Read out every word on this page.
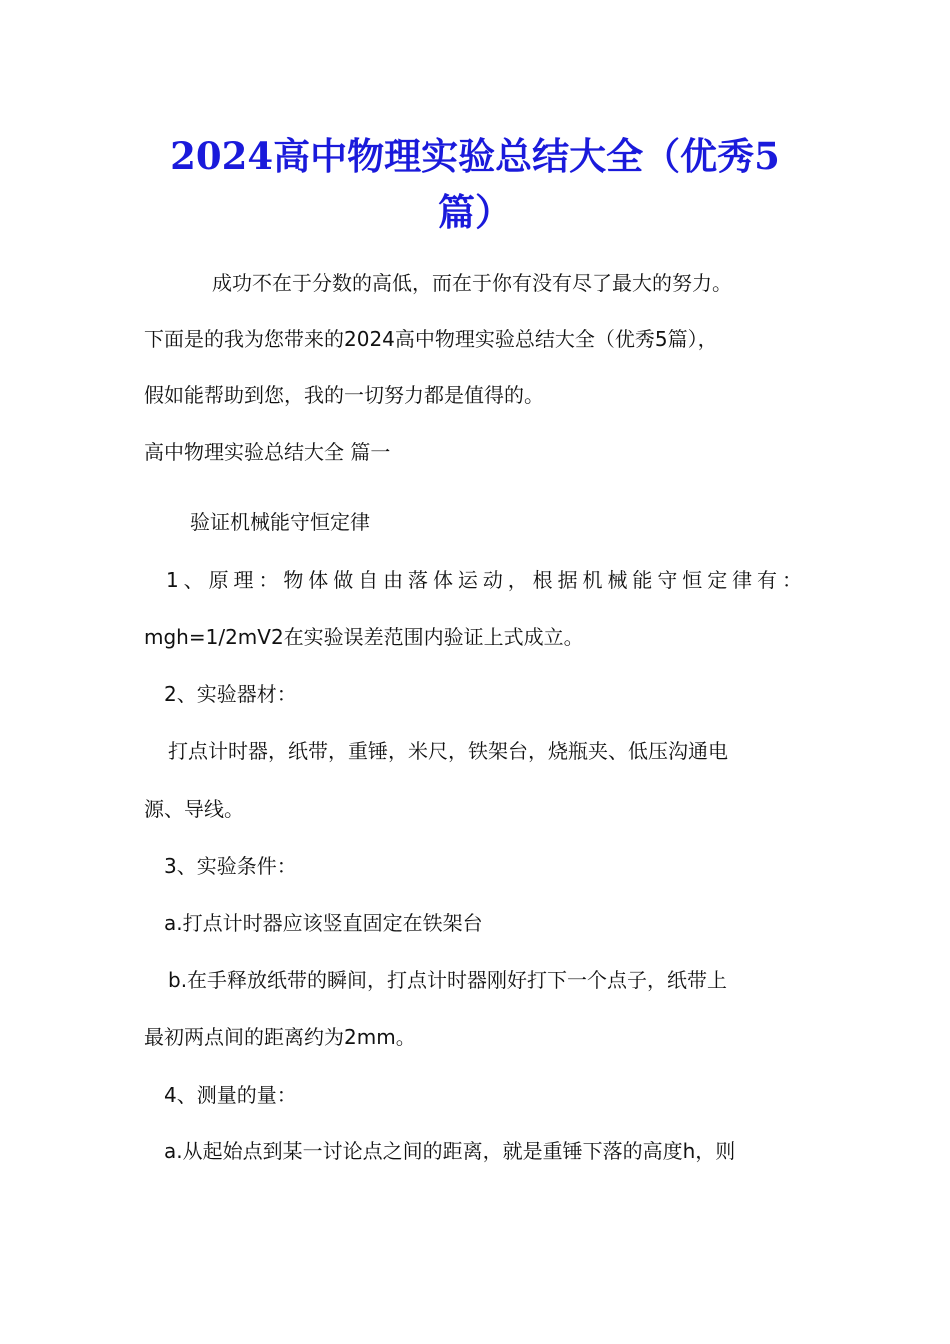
2024高中物理实验总结大全（优秀5
篇）
成功不在于分数的高低，而在于你有没有尽了最大的努力。
下面是的我为您带来的2024高中物理实验总结大全（优秀5篇），
假如能帮助到您，我的一切努力都是值得的。
高中物理实验总结大全 篇一
验证机械能守恒定律
1、原理：物体做自由落体运动，根据机械能守恒定律有：
mgh=1/2mV2在实验误差范围内验证上式成立。
2、实验器材：
打点计时器，纸带，重锤，米尺，铁架台，烧瓶夹、低压沟通电
源、导线。
3、实验条件：
a.打点计时器应该竖直固定在铁架台
b.在手释放纸带的瞬间，打点计时器刚好打下一个点子，纸带上
最初两点间的距离约为2mm。
4、测量的量：
a.从起始点到某一讨论点之间的距离，就是重锤下落的高度h，则
